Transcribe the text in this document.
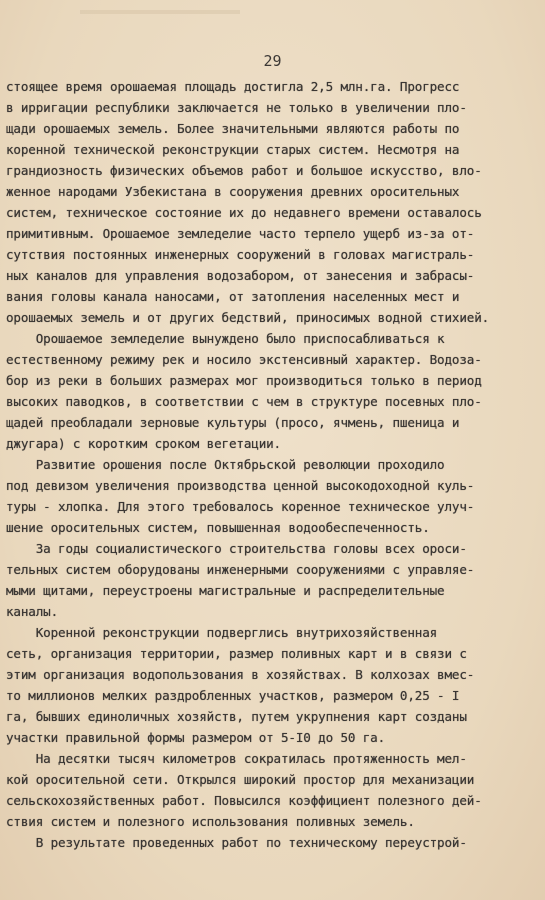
29
стоящее время орошаемая площадь достигла 2,5 млн.га. Прогресс
в ирригации республики заключается не только в увеличении пло-
щади орошаемых земель. Более значительными являются работы по
коренной технической реконструкции старых систем. Несмотря на
грандиозность физических объемов работ и большое искусство, вло-
женное народами Узбекистана в сооружения древних оросительных
систем, техническое состояние их до недавнего времени оставалось
примитивным. Орошаемое земледелие часто терпело ущерб из-за от-
сутствия постоянных инженерных сооружений в головах магистраль-
ных каналов для управления водозабором, от занесения и забрасы-
вания головы канала наносами, от затопления населенных мест и
орошаемых земель и от других бедствий, приносимых водной стихией.
Орошаемое земледелие вынуждено было приспосабливаться к
естественному режиму рек и носило экстенсивный характер. Водоза-
бор из реки в больших размерах мог производиться только в период
высоких паводков, в соответствии с чем в структуре посевных пло-
щадей преобладали зерновые культуры (просо, ячмень, пшеница и
джугара) с коротким сроком вегетации.
Развитие орошения после Октябрьской революции проходило
под девизом увеличения производства ценной высокодоходной куль-
туры - хлопка. Для этого требовалось коренное техническое улуч-
шение оросительных систем, повышенная водообеспеченность.
За годы социалистического строительства головы всех ороси-
тельных систем оборудованы инженерными сооружениями с управляе-
мыми щитами, переустроены магистральные и распределительные
каналы.
Коренной реконструкции подверглись внутрихозяйственная
сеть, организация территории, размер поливных карт и в связи с
этим организация водопользования в хозяйствах. В колхозах вмес-
то миллионов мелких раздробленных участков, размером 0,25 - I
га, бывших единоличных хозяйств, путем укрупнения карт созданы
участки правильной формы размером от 5-I0 до 50 га.
На десятки тысяч километров сократилась протяженность мел-
кой оросительной сети. Открылся широкий простор для механизации
сельскохозяйственных работ. Повысился коэффициент полезного дей-
ствия систем и полезного использования поливных земель.
В результате проведенных работ по техническому переустрой-
